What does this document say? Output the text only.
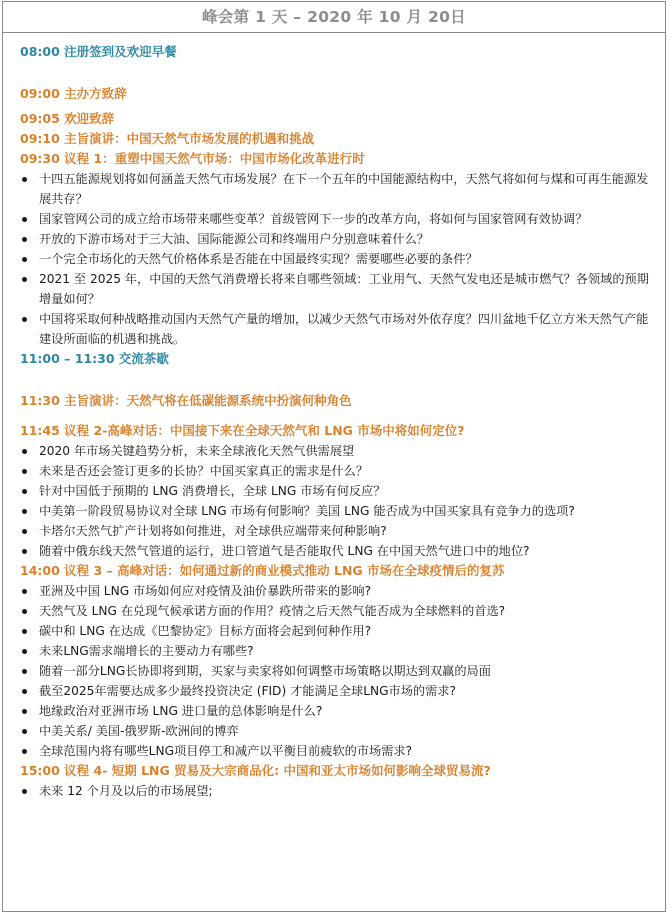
峰会第 1 天 – 2020 年 10 月 20日
08:00 注册签到及欢迎早餐
09:00 主办方致辞
09:05 欢迎致辞
09:10 主旨演讲：中国天然气市场发展的机遇和挑战
09:30 议程 1：重塑中国天然气市场：中国市场化改革进行时
十四五能源规划将如何涵盖天然气市场发展？在下一个五年的中国能源结构中，天然气将如何与煤和可再生能源发展共存？
国家管网公司的成立给市场带来哪些变革？首级管网下一步的改革方向，将如何与国家管网有效协调？
开放的下游市场对于三大油、国际能源公司和终端用户分别意味着什么？
一个完全市场化的天然气价格体系是否能在中国最终实现？需要哪些必要的条件？
2021 至 2025 年，中国的天然气消费增长将来自哪些领域：工业用气、天然气发电还是城市燃气？各领域的预期增量如何？
中国将采取何种战略推动国内天然气产量的增加，以减少天然气市场对外依存度？四川盆地千亿立方米天然气产能建设所面临的机遇和挑战。
11:00 – 11:30 交流茶歇
11:30 主旨演讲：天然气将在低碳能源系统中扮演何种角色
11:45 议程 2-高峰对话：中国接下来在全球天然气和 LNG 市场中将如何定位?
2020 年市场关键趋势分析，未来全球液化天然气供需展望
未来是否还会签订更多的长协？中国买家真正的需求是什么？
针对中国低于预期的 LNG 消费增长，全球 LNG 市场有何反应？
中美第一阶段贸易协议对全球 LNG 市场有何影响？美国 LNG 能否成为中国买家具有竞争力的选项?
卡塔尔天然气扩产计划将如何推进，对全球供应端带来何种影响?
随着中俄东线天然气管道的运行，进口管道气是否能取代 LNG 在中国天然气进口中的地位?
14:00 议程 3 – 高峰对话：如何通过新的商业模式推动 LNG 市场在全球疫情后的复苏
亚洲及中国 LNG 市场如何应对疫情及油价暴跌所带来的影响?
天然气及 LNG 在兑现气候承诺方面的作用？疫情之后天然气能否成为全球燃料的首选?
碳中和 LNG 在达成《巴黎协定》目标方面将会起到何种作用?
未来LNG需求端增长的主要动力有哪些?
随着一部分LNG长协即将到期，买家与卖家将如何调整市场策略以期达到双赢的局面
截至2025年需要达成多少最终投资决定 (FID) 才能满足全球LNG市场的需求?
地缘政治对亚洲市场 LNG 进口量的总体影响是什么?
中美关系/ 美国-俄罗斯-欧洲间的博弈
全球范围内将有哪些LNG项目停工和减产以平衡目前疲软的市场需求?
15:00 议程 4- 短期 LNG 贸易及大宗商品化: 中国和亚太市场如何影响全球贸易流?
未来 12 个月及以后的市场展望;
